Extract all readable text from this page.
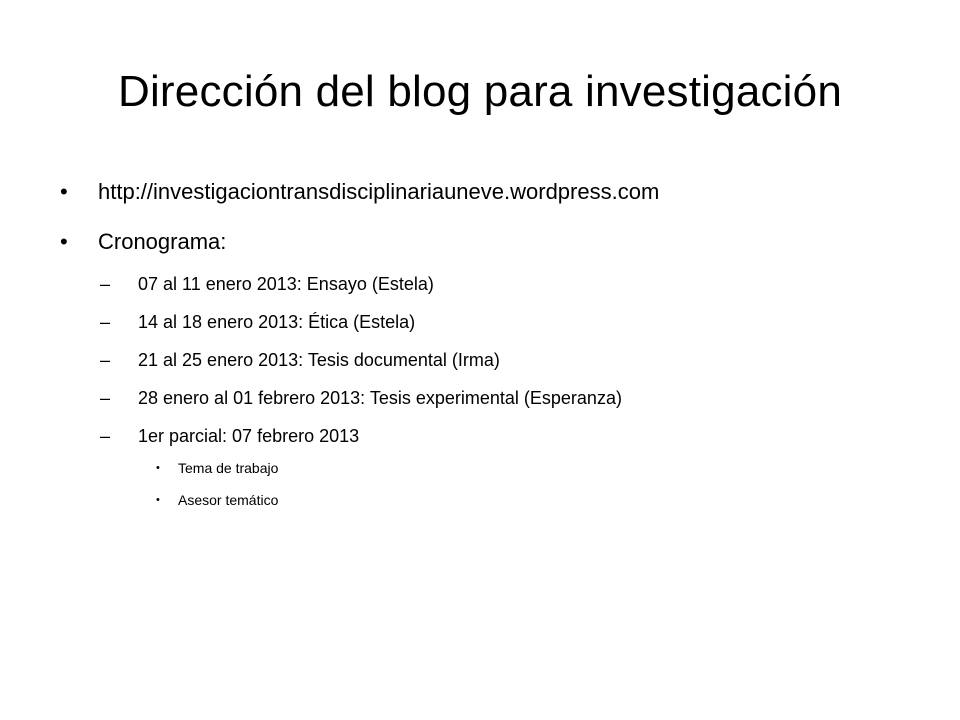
Dirección del blog para investigación
• http://investigaciontransdisciplinariauneve.wordpress.com
• Cronograma:
– 07 al 11 enero 2013: Ensayo (Estela)
– 14 al 18 enero 2013: Ética (Estela)
– 21 al 25 enero 2013: Tesis documental (Irma)
– 28 enero al 01 febrero 2013: Tesis experimental (Esperanza)
– 1er parcial: 07 febrero 2013
• Tema de trabajo
• Asesor temático
